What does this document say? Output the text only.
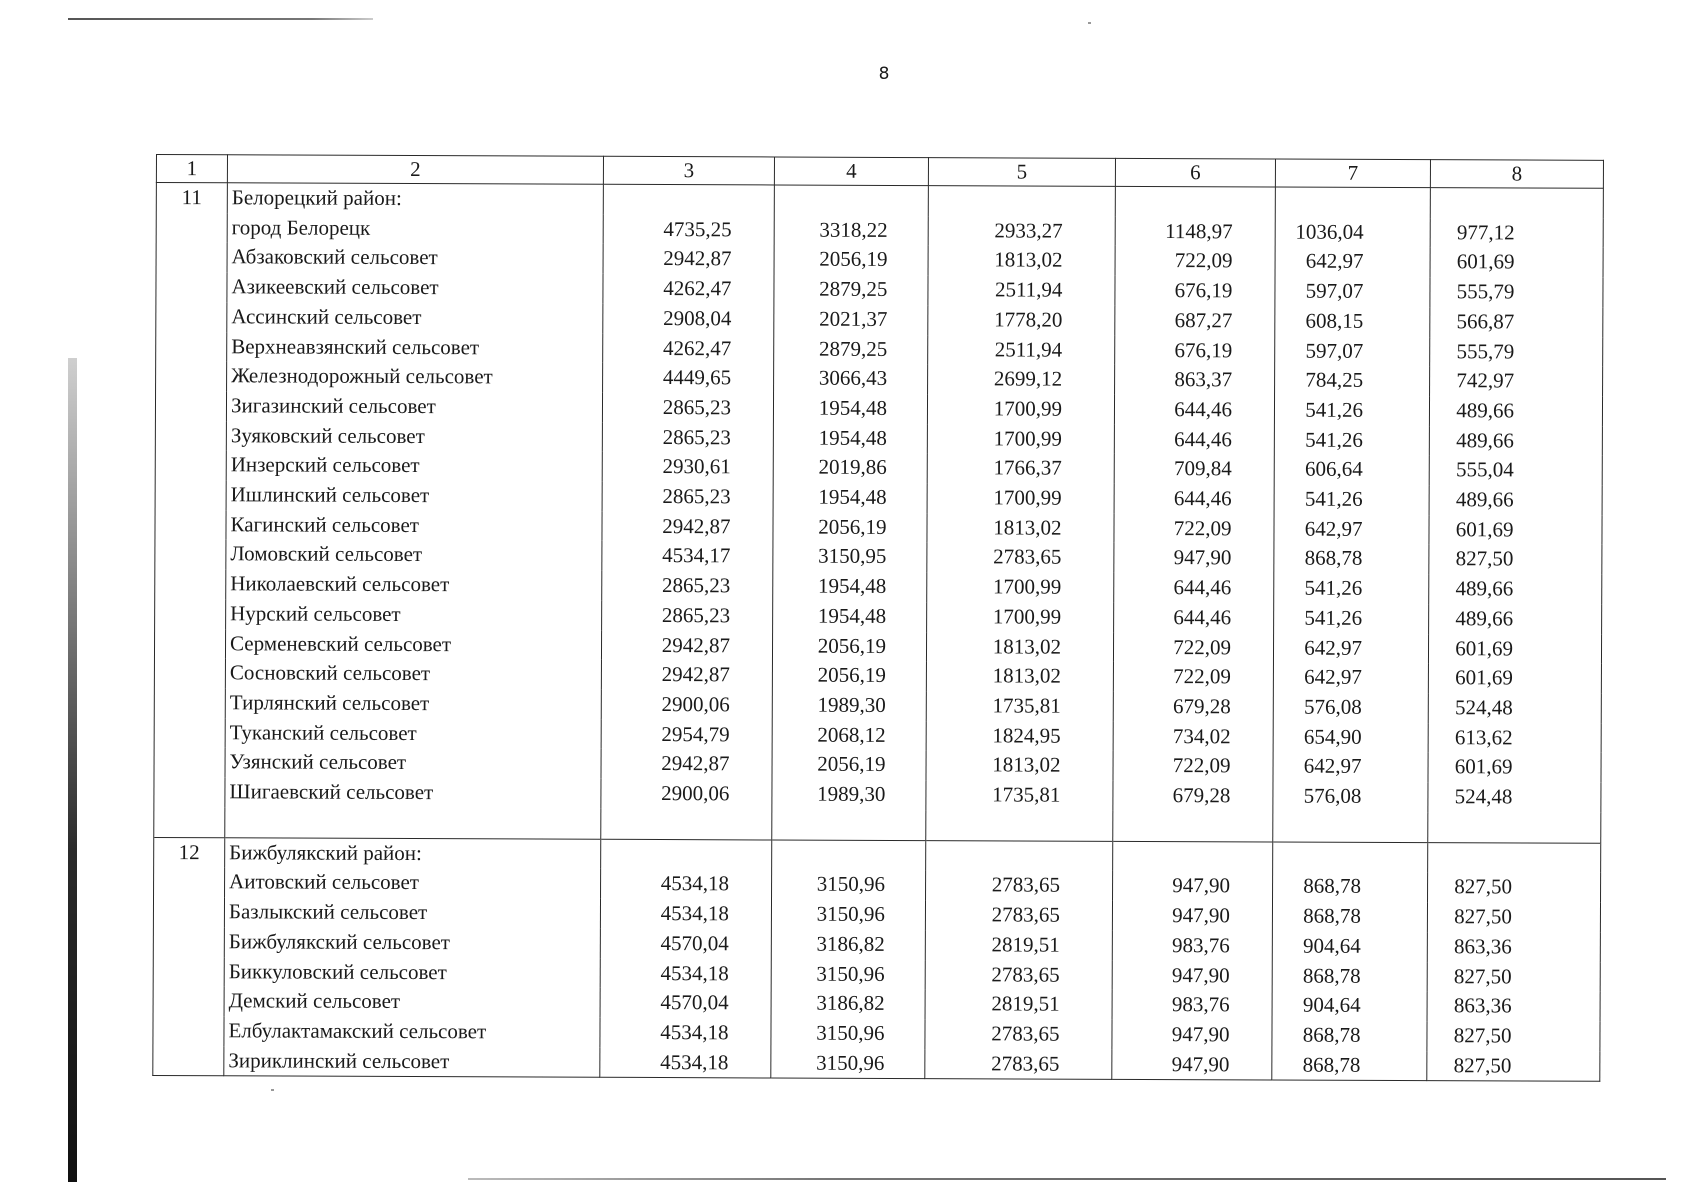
8
1	2	3	4	5	6	7	8
11	Белорецкий район:						
	город Белорецк	4735,25	3318,22	2933,27	1148,97	1036,04	977,12
	Абзаковский сельсовет	2942,87	2056,19	1813,02	722,09	642,97	601,69
	Азикеевский сельсовет	4262,47	2879,25	2511,94	676,19	597,07	555,79
	Ассинский сельсовет	2908,04	2021,37	1778,20	687,27	608,15	566,87
	Верхнеавзянский сельсовет	4262,47	2879,25	2511,94	676,19	597,07	555,79
	Железнодорожный сельсовет	4449,65	3066,43	2699,12	863,37	784,25	742,97
	Зигазинский сельсовет	2865,23	1954,48	1700,99	644,46	541,26	489,66
	Зуяковский сельсовет	2865,23	1954,48	1700,99	644,46	541,26	489,66
	Инзерский сельсовет	2930,61	2019,86	1766,37	709,84	606,64	555,04
	Ишлинский сельсовет	2865,23	1954,48	1700,99	644,46	541,26	489,66
	Кагинский сельсовет	2942,87	2056,19	1813,02	722,09	642,97	601,69
	Ломовский сельсовет	4534,17	3150,95	2783,65	947,90	868,78	827,50
	Николаевский сельсовет	2865,23	1954,48	1700,99	644,46	541,26	489,66
	Нурский сельсовет	2865,23	1954,48	1700,99	644,46	541,26	489,66
	Серменевский сельсовет	2942,87	2056,19	1813,02	722,09	642,97	601,69
	Сосновский сельсовет	2942,87	2056,19	1813,02	722,09	642,97	601,69
	Тирлянский сельсовет	2900,06	1989,30	1735,81	679,28	576,08	524,48
	Туканский сельсовет	2954,79	2068,12	1824,95	734,02	654,90	613,62
	Узянский сельсовет	2942,87	2056,19	1813,02	722,09	642,97	601,69
	Шигаевский сельсовет	2900,06	1989,30	1735,81	679,28	576,08	524,48

12	Бижбулякский район:						
	Аитовский сельсовет	4534,18	3150,96	2783,65	947,90	868,78	827,50
	Базлыкский сельсовет	4534,18	3150,96	2783,65	947,90	868,78	827,50
	Бижбулякский сельсовет	4570,04	3186,82	2819,51	983,76	904,64	863,36
	Биккуловский сельсовет	4534,18	3150,96	2783,65	947,90	868,78	827,50
	Демский сельсовет	4570,04	3186,82	2819,51	983,76	904,64	863,36
	Елбулактамакский сельсовет	4534,18	3150,96	2783,65	947,90	868,78	827,50
	Зириклинский сельсовет	4534,18	3150,96	2783,65	947,90	868,78	827,50
